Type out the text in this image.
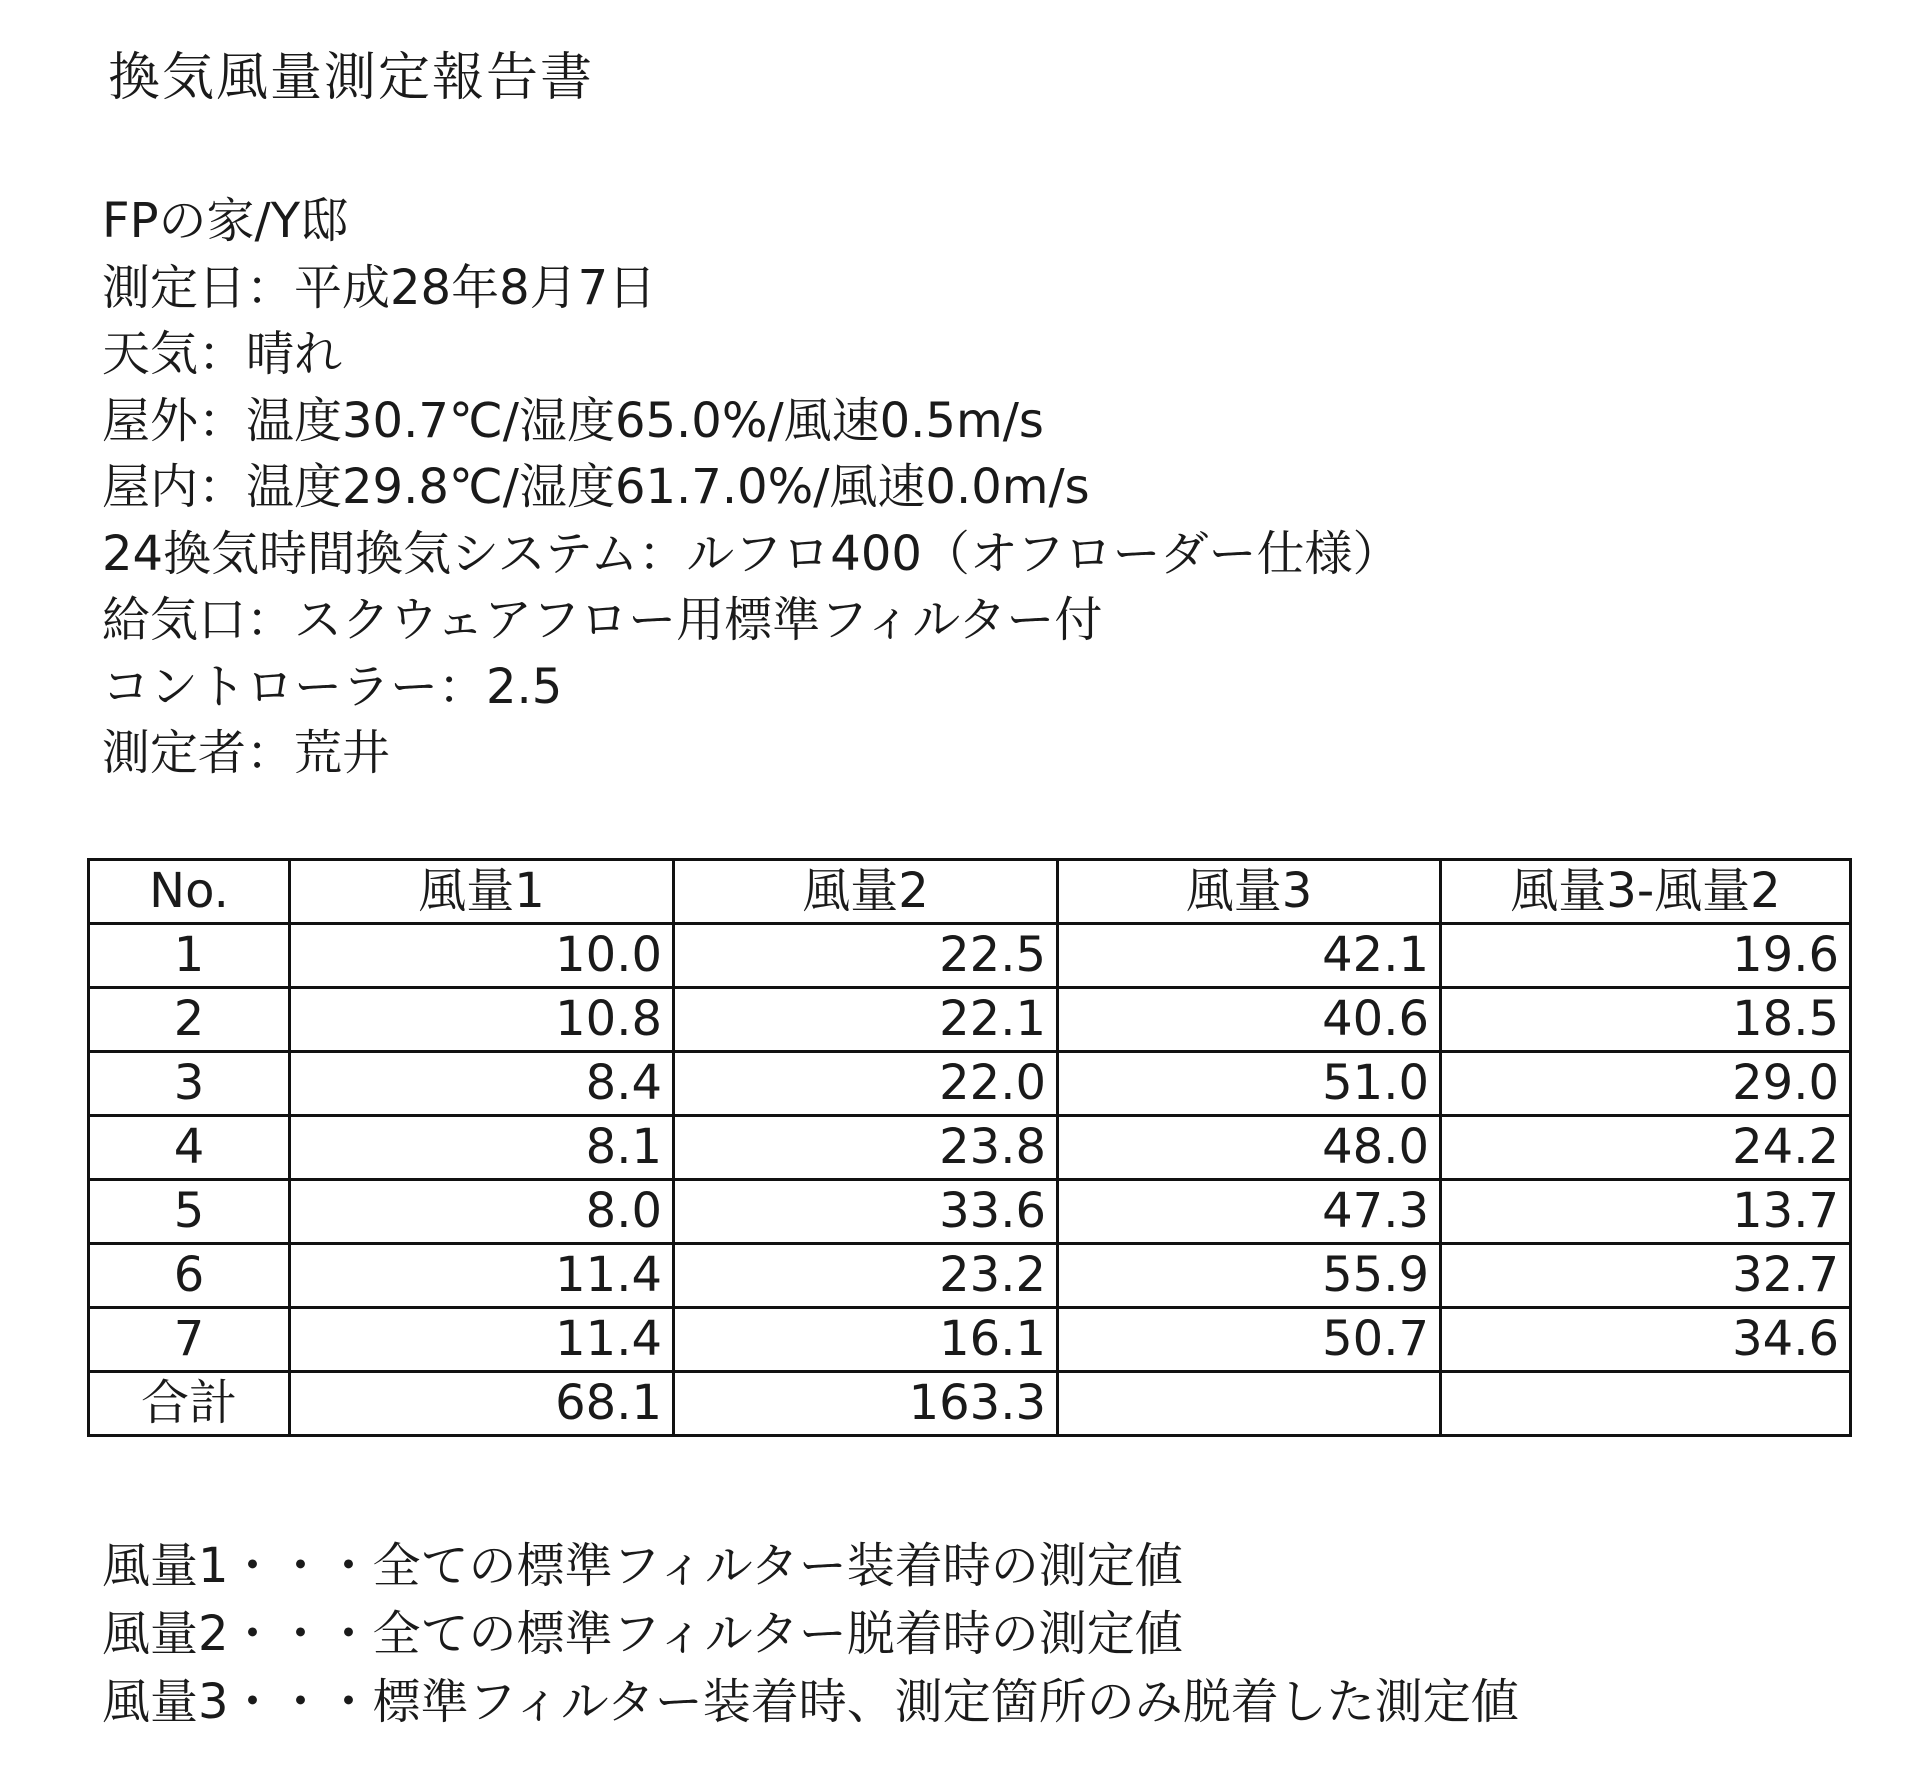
換気風量測定報告書
FPの家/Y邸
測定日：平成28年8月7日
天気：晴れ
屋外：温度30.7℃/湿度65.0%/風速0.5m/s
屋内：温度29.8℃/湿度61.7.0%/風速0.0m/s
24換気時間換気システム：ルフロ400（オフローダー仕様）
給気口：スクウェアフロー用標準フィルター付
コントローラー：2.5
測定者：荒井
No.	風量1	風量2	風量3	風量3-風量2
1	10.0	22.5	42.1	19.6
2	10.8	22.1	40.6	18.5
3	8.4	22.0	51.0	29.0
4	8.1	23.8	48.0	24.2
5	8.0	33.6	47.3	13.7
6	11.4	23.2	55.9	32.7
7	11.4	16.1	50.7	34.6
合計	68.1	163.3		
風量1・・・全ての標準フィルター装着時の測定値
風量2・・・全ての標準フィルター脱着時の測定値
風量3・・・標準フィルター装着時、測定箇所のみ脱着した測定値
